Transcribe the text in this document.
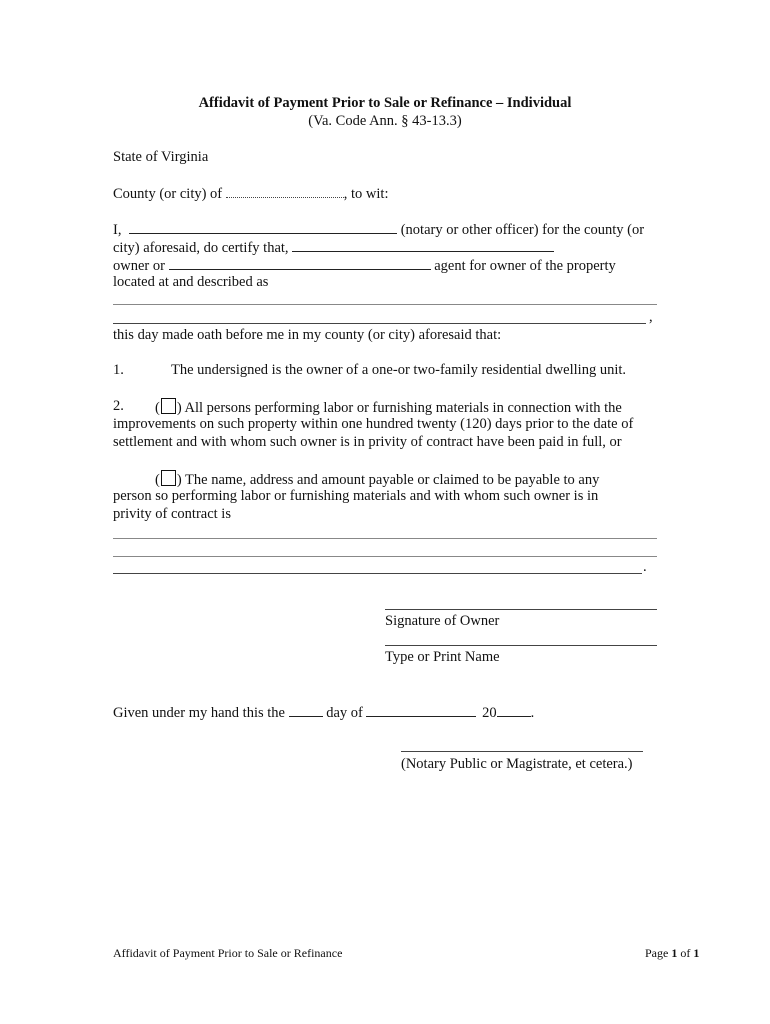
Affidavit of Payment Prior to Sale or Refinance – Individual
(Va. Code Ann. § 43-13.3)
State of Virginia
County (or city) of	, to wit:
I,	(notary or other officer) for the county (or
city) aforesaid, do certify that,
owner or	agent for owner of the property
located at and described as
,
this day made oath before me in my county (or city) aforesaid that:
1.	The undersigned is the owner of a one-or two-family residential dwelling unit.
2. ( ) All persons performing labor or furnishing materials in connection with the
improvements on such property within one hundred twenty (120) days prior to the date of
settlement and with whom such owner is in privity of contract have been paid in full, or
( ) The name, address and amount payable or claimed to be payable to any
person so performing labor or furnishing materials and with whom such owner is in
privity of contract is
.
Signature of Owner
Type or Print Name
Given under my hand this the	day of	20 .
(Notary Public or Magistrate, et cetera.)
Affidavit of Payment Prior to Sale or Refinance	Page 1 of 1
